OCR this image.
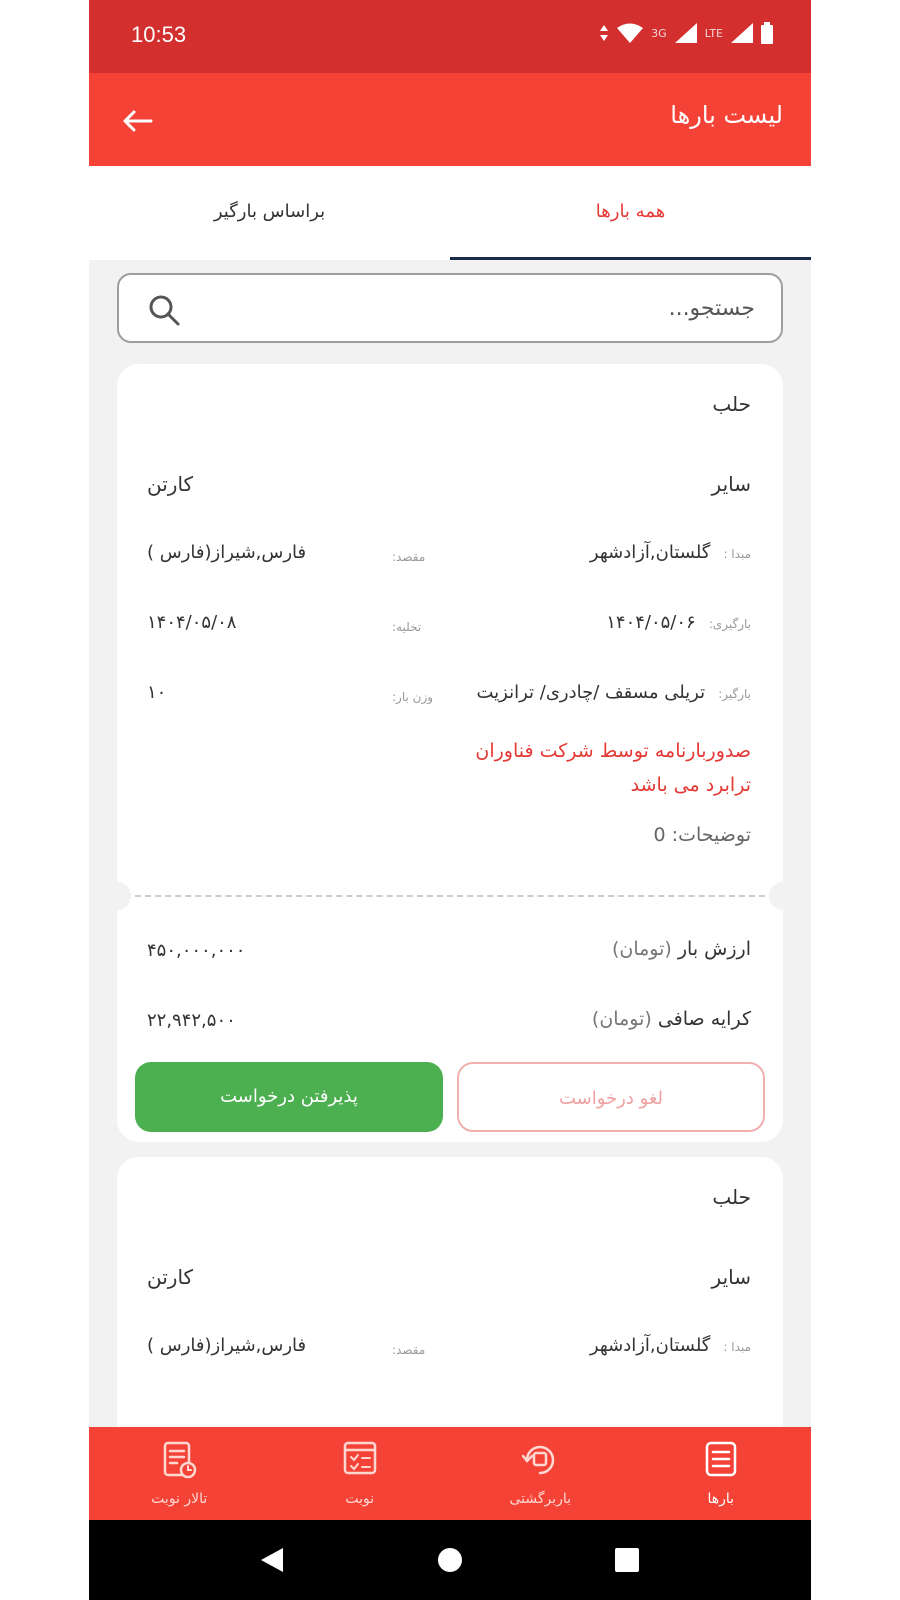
10:53	3G	LTE
لیست بارها
همه بارها
براساس بارگیر
جستجو...
حلب
سایر
کارتن
مبدا : گلستان,آزادشهر
مقصد:
فارس,شیراز(فارس )
بارگیری: ۱۴۰۴/۰۵/۰۶
تخلیه:
۱۴۰۴/۰۵/۰۸
بارگیر: تریلی مسقف /چادری/ ترانزیت
وزن بار:
۱۰
صدوربارنامه توسط شرکت فناوران ترابرد می باشد
توضیحات: 0
ارزش بار (تومان)
۴۵۰,۰۰۰,۰۰۰
کرایه صافی (تومان)
۲۲,۹۴۲,۵۰۰
پذیرفتن درخواست	لغو درخواست
حلب
سایر
کارتن
مبدا : گلستان,آزادشهر
مقصد:
فارس,شیراز(فارس )
بارها
باربرگشتی
نوبت
تالار نوبت
